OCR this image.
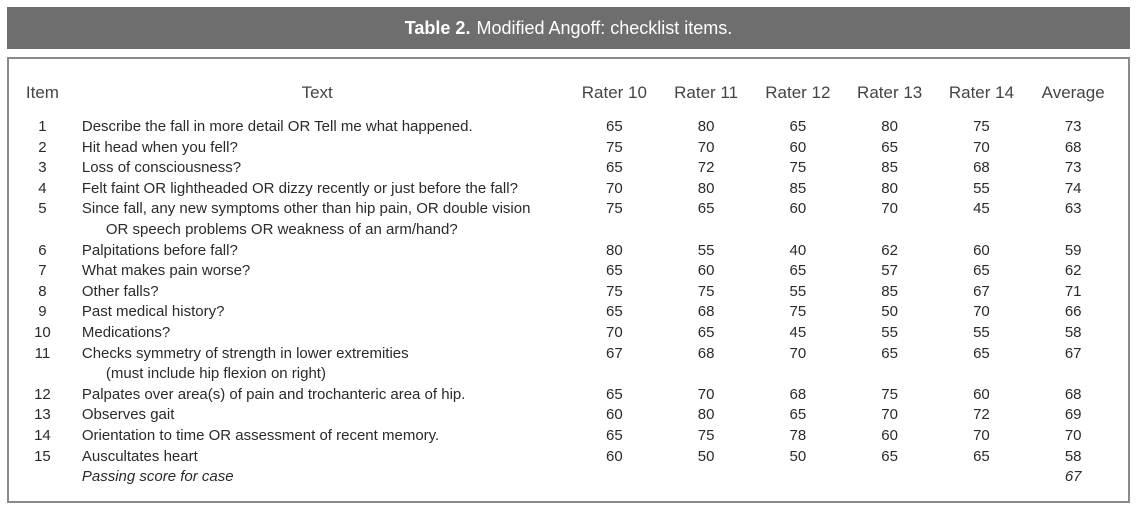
Table 2. Modified Angoff: checklist items.
Item	Text	Rater 10	Rater 11	Rater 12	Rater 13	Rater 14	Average
1	Describe the fall in more detail OR Tell me what happened.	65	80	65	80	75	73
2	Hit head when you fell?	75	70	60	65	70	68
3	Loss of consciousness?	65	72	75	85	68	73
4	Felt faint OR lightheaded OR dizzy recently or just before the fall?	70	80	85	80	55	74
5	Since fall, any new symptoms other than hip pain, OR double vision
OR speech problems OR weakness of an arm/hand?	75	65	60	70	45	63
6	Palpitations before fall?	80	55	40	62	60	59
7	What makes pain worse?	65	60	65	57	65	62
8	Other falls?	75	75	55	85	67	71
9	Past medical history?	65	68	75	50	70	66
10	Medications?	70	65	45	55	55	58
11	Checks symmetry of strength in lower extremities
(must include hip flexion on right)	67	68	70	65	65	67
12	Palpates over area(s) of pain and trochanteric area of hip.	65	70	68	75	60	68
13	Observes gait	60	80	65	70	72	69
14	Orientation to time OR assessment of recent memory.	65	75	78	60	70	70
15	Auscultates heart	60	50	50	65	65	58
	Passing score for case						67
